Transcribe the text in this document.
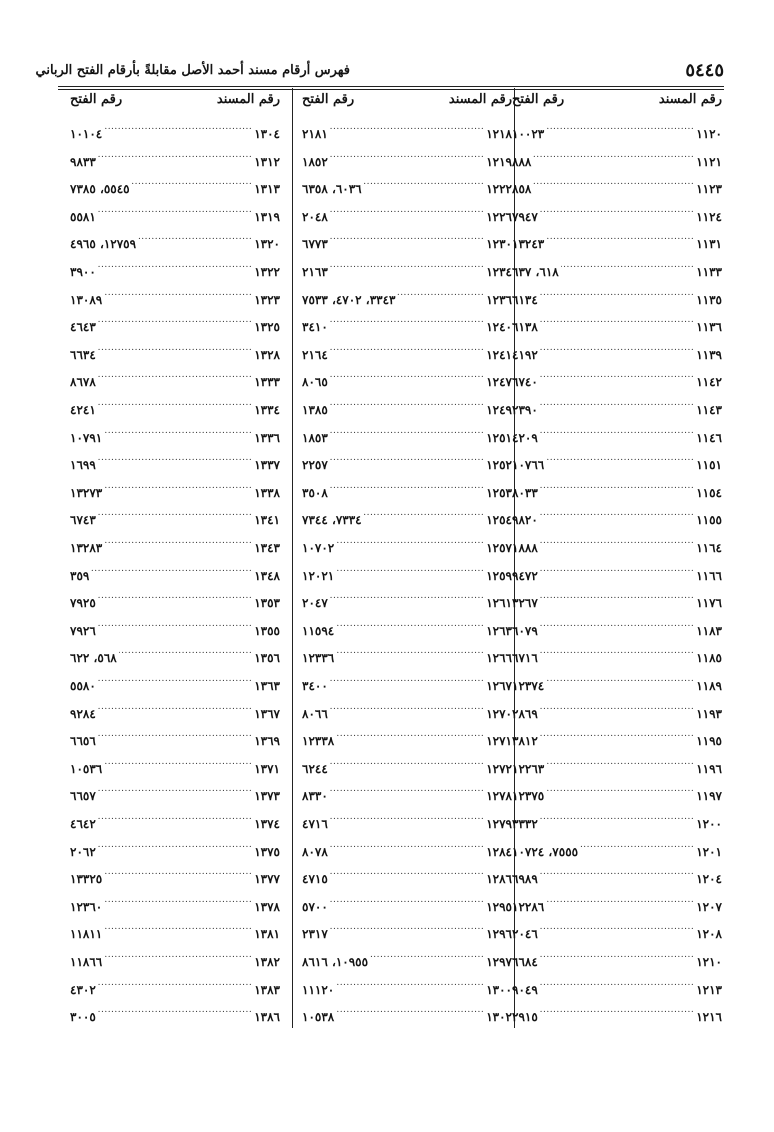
٥٤٤٥
فهرس أرقام مسند أحمد الأصل مقابلةً بأرقام الفتح الرباني
رقم المسند
رقم الفتح
١١٢٠
.....
١٠٠٢٣
١١٢١
.....
٨٨٨
١١٢٣
.....
٨٥٨
١١٢٤
.....
٧٩٤٧
١١٣١
.....
١٣٢٤٣
١١٣٣
.....
٦١٨، ٦٣٧
١١٣٥
.....
٦١٣٤
١١٣٦
.....
٦١٣٨
١١٣٩
.....
٤١٩٢
١١٤٢
.....
٦٧٤٠
١١٤٣
.....
٢٣٩٠
١١٤٦
.....
٤٢٠٩
١١٥١
.....
١٠٧٦٦
١١٥٤
.....
٨٠٣٣
١١٥٥
.....
٩٨٢٠
١١٦٤
.....
١٨٨٨
١١٦٦
.....
٩٤٧٢
١١٧٦
.....
٣٢٦٧
١١٨٣
.....
٦٠٧٩
١١٨٥
.....
٦٧١٦
١١٨٩
.....
١٢٣٧٤
١١٩٣
.....
٢٨٦٩
١١٩٥
.....
٣٨١٢
١١٩٦
.....
١٢٢٦٣
١١٩٧
.....
١٢٣٧٥
١٢٠٠
.....
٣٣٣٢
١٢٠١
.....
٧٥٥٥، ١٠٧٢٤
١٢٠٤
.....
٦٩٨٩
١٢٠٧
.....
١٢٢٨٦
١٢٠٨
.....
٢٠٤٦
١٢١٠
.....
٦٦٨٤
١٢١٣
.....
٩٠٤٩
١٢١٦
.....
٢٩١٥
رقم المسند
رقم الفتح
١٢١٨
.....
٢١٨١
١٢١٩
.....
١٨٥٢
١٢٢٢
.....
٦٠٣٦، ٦٣٥٨
١٢٢٦
.....
٢٠٤٨
١٢٣٠
.....
٦٧٧٣
١٢٣٤
.....
٢١٦٣
١٢٣٦
.....
٣٣٤٣، ٤٧٠٢، ٧٥٣٣
١٢٤٠
.....
٣٤١٠
١٢٤١
.....
٢١٦٤
١٢٤٧
.....
٨٠٦٥
١٢٤٩
.....
١٣٨٥
١٢٥١
.....
١٨٥٣
١٢٥٢
.....
٢٢٥٧
١٢٥٣
.....
٣٥٠٨
١٢٥٤
.....
٧٣٣٤، ٧٣٤٤
١٢٥٧
.....
١٠٧٠٢
١٢٥٩
.....
١٢٠٢١
١٢٦١
.....
٢٠٤٧
١٢٦٣
.....
١١٥٩٤
١٢٦٦
.....
١٢٣٣٦
١٢٦٧
.....
٣٤٠٠
١٢٧٠
.....
٨٠٦٦
١٢٧١
.....
١٢٣٣٨
١٢٧٢
.....
٦٢٤٤
١٢٧٨
.....
٨٣٣٠
١٢٧٩
.....
٤٧١٦
١٢٨٤
.....
٨٠٧٨
١٢٨٦
.....
٤٧١٥
١٢٩٥
.....
٥٧٠٠
١٢٩٦
.....
٢٣١٧
١٢٩٧
.....
١٠٩٥٥، ٨٦١٦
١٣٠٠
.....
١١١٢٠
١٣٠٢
.....
١٠٥٣٨
رقم المسند
رقم الفتح
١٣٠٤
.....
١٠١٠٤
١٣١٢
.....
٩٨٣٣
١٣١٣
.....
٥٥٤٥، ٧٣٨٥
١٣١٩
.....
٥٥٨١
١٣٢٠
.....
١٢٧٥٩، ٤٩٦٥
١٣٢٢
.....
٣٩٠٠
١٣٢٣
.....
١٣٠٨٩
١٣٢٥
.....
٤٦٤٣
١٣٢٨
.....
٦٦٣٤
١٣٣٣
.....
٨٦٧٨
١٣٣٤
.....
٤٢٤١
١٣٣٦
.....
١٠٧٩١
١٣٣٧
.....
١٦٩٩
١٣٣٨
.....
١٣٢٧٣
١٣٤١
.....
٦٧٤٣
١٣٤٣
.....
١٣٢٨٣
١٣٤٨
.....
٣٥٩
١٣٥٣
.....
٧٩٢٥
١٣٥٥
.....
٧٩٢٦
١٣٥٦
.....
٥٦٨، ٦٢٢
١٣٦٣
.....
٥٥٨٠
١٣٦٧
.....
٩٢٨٤
١٣٦٩
.....
٦٦٥٦
١٣٧١
.....
١٠٥٣٦
١٣٧٣
.....
٦٦٥٧
١٣٧٤
.....
٤٦٤٢
١٣٧٥
.....
٢٠٦٢
١٣٧٧
.....
١٣٣٢٥
١٣٧٨
.....
١٢٣٦٠
١٣٨١
.....
١١٨١١
١٣٨٢
.....
١١٨٦٦
١٣٨٣
.....
٤٣٠٢
١٣٨٦
.....
٣٠٠٥
